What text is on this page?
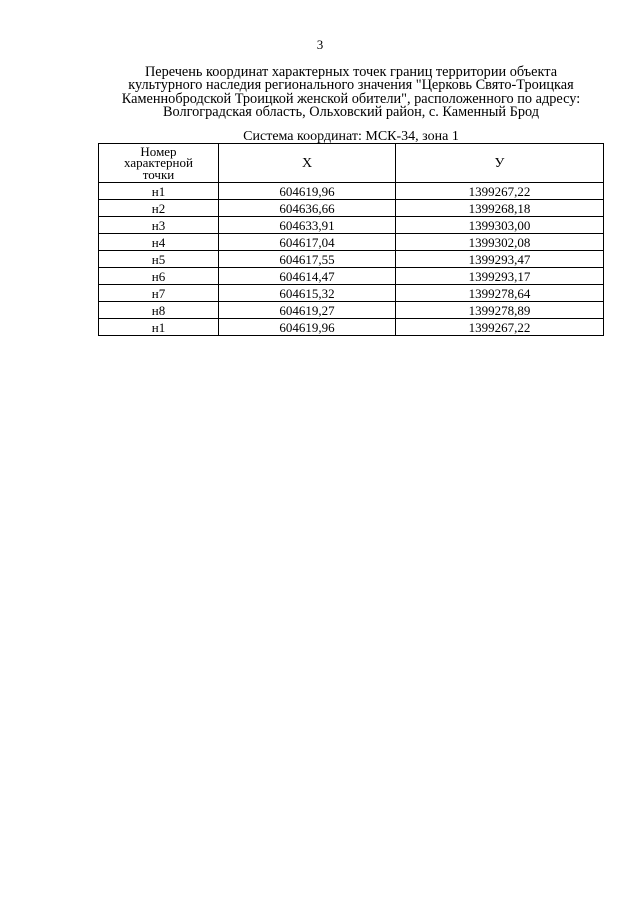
3
Перечень координат характерных точек границ территории объекта
культурного наследия регионального значения "Церковь Свято-Троицкая
Каменнобродской Троицкой женской обители", расположенного по адресу:
Волгоградская область, Ольховский район, с. Каменный Брод
Система координат: МСК-34, зона 1
Номер
характерной
точки	X	У
н1	604619,96	1399267,22
н2	604636,66	1399268,18
н3	604633,91	1399303,00
н4	604617,04	1399302,08
н5	604617,55	1399293,47
н6	604614,47	1399293,17
н7	604615,32	1399278,64
н8	604619,27	1399278,89
н1	604619,96	1399267,22
